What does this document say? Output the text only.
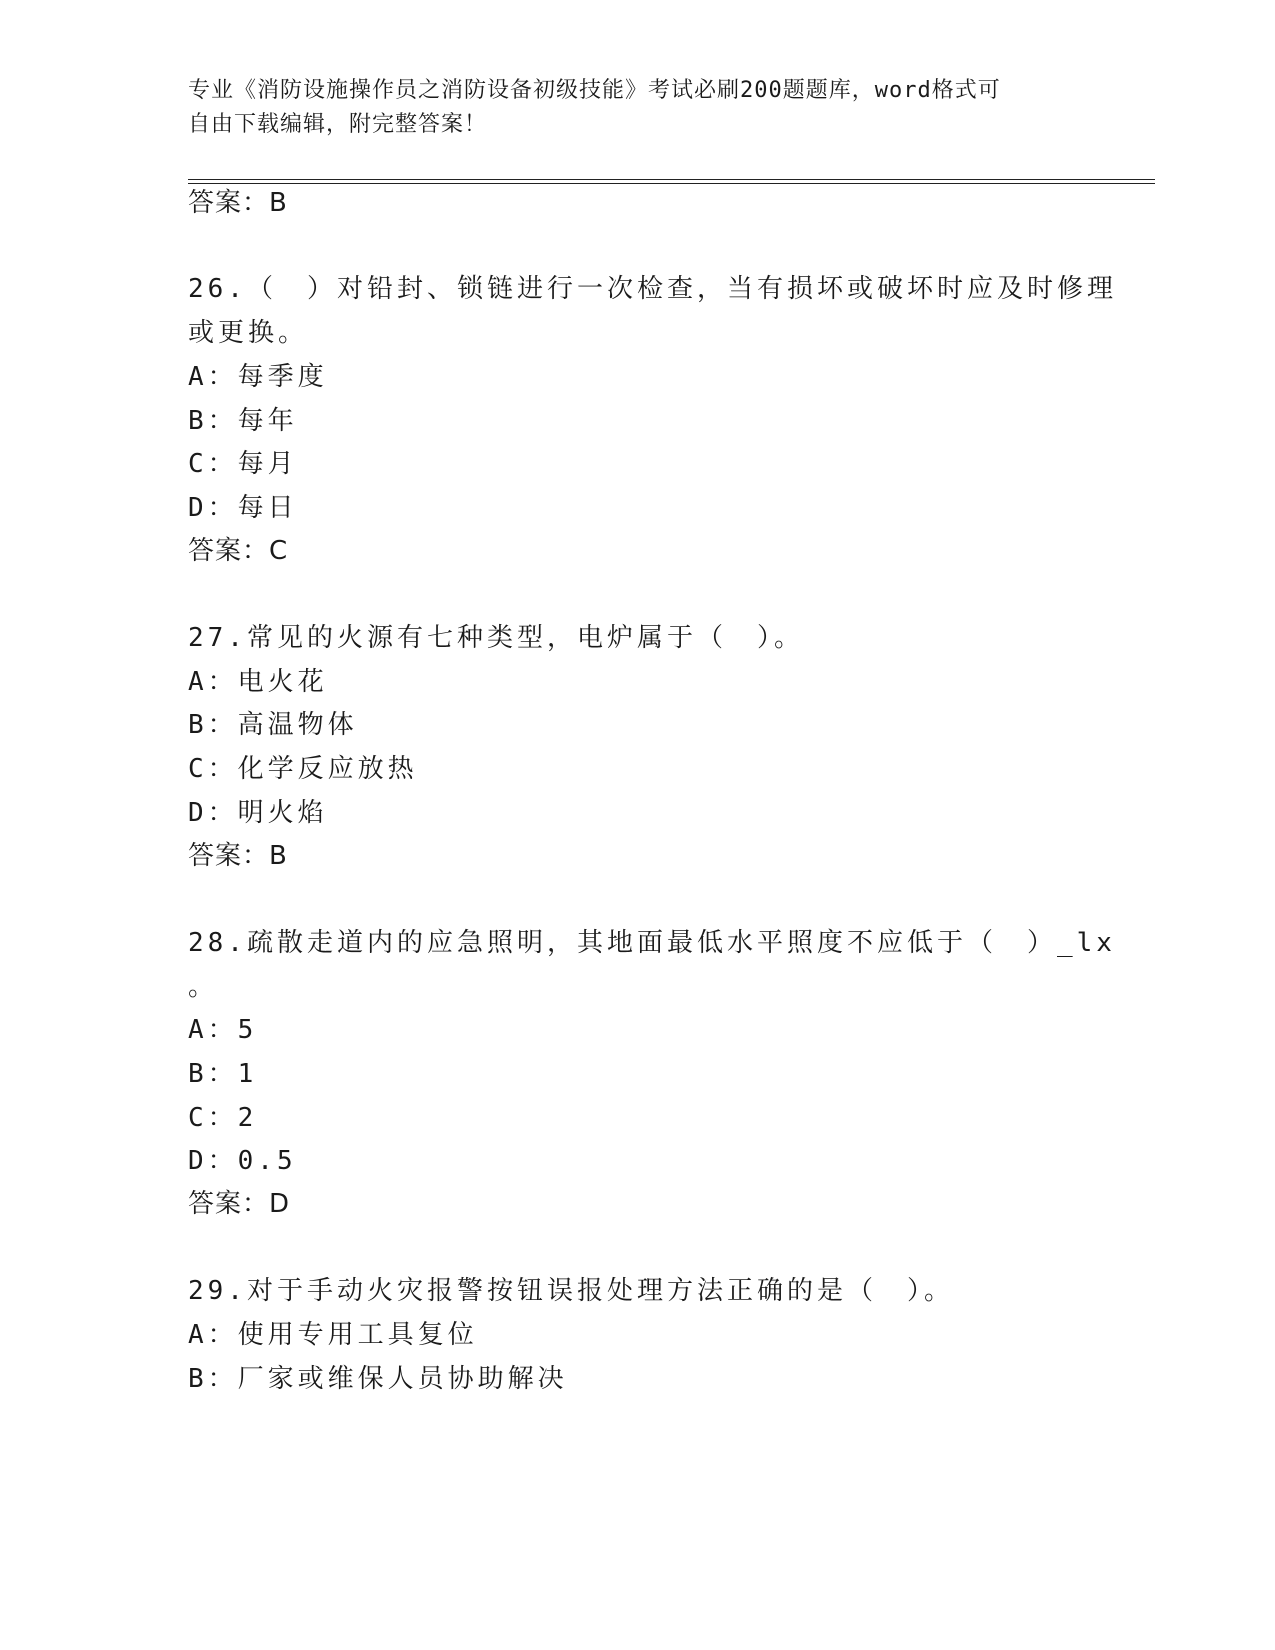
专业《消防设施操作员之消防设备初级技能》考试必刷200题题库，word格式可
自由下载编辑，附完整答案！
答案：B
26.（　）对铅封、锁链进行一次检查，当有损坏或破坏时应及时修理
或更换。
A：每季度
B：每年
C：每月
D：每日
答案：C
27.常见的火源有七种类型，电炉属于（　）。
A：电火花
B：高温物体
C：化学反应放热
D：明火焰
答案：B
28.疏散走道内的应急照明，其地面最低水平照度不应低于（　）_lx
。
A：5
B：1
C：2
D：0.5
答案：D
29.对于手动火灾报警按钮误报处理方法正确的是（　）。
A：使用专用工具复位
B：厂家或维保人员协助解决
